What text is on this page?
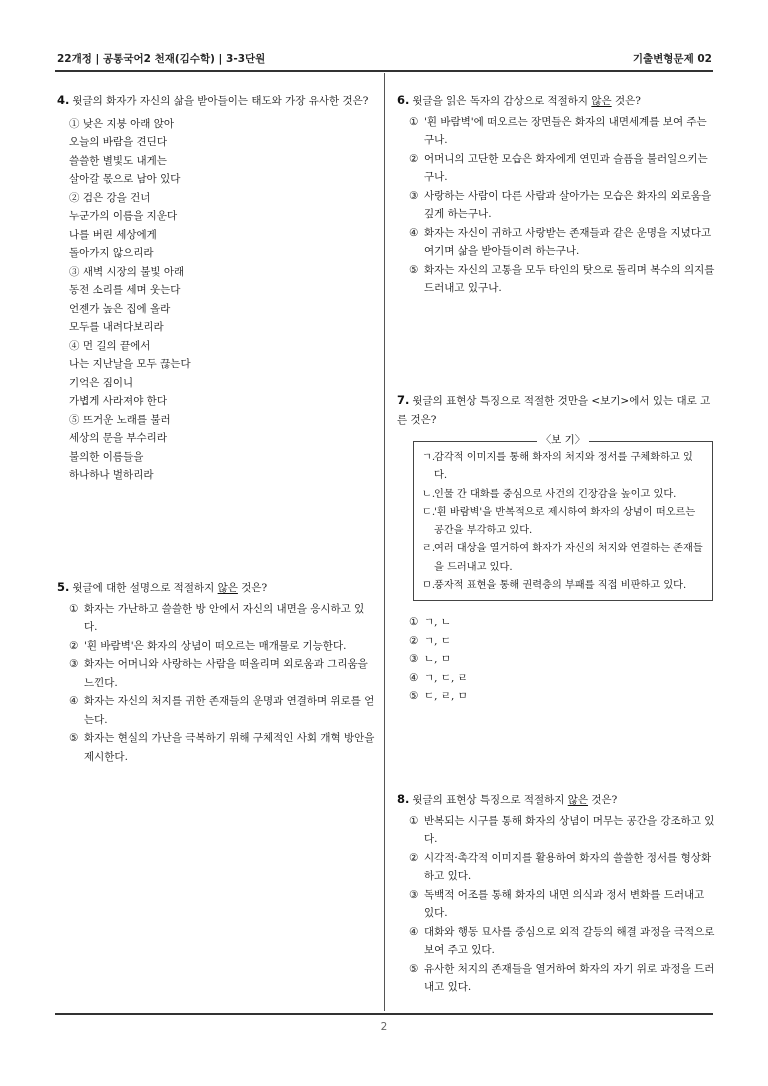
22개정 | 공통국어2 천재(김수학) | 3-3단원	기출변형문제 02
2
4. 윗글의 화자가 자신의 삶을 받아들이는 태도와 가장 유사한 것은?
① 낮은 지붕 아래 앉아
오늘의 바람을 견딘다
쓸쓸한 별빛도 내게는
살아갈 몫으로 남아 있다
② 검은 강을 건너
누군가의 이름을 지운다
나를 버린 세상에게
돌아가지 않으리라
③ 새벽 시장의 불빛 아래
동전 소리를 세며 웃는다
언젠가 높은 집에 올라
모두를 내려다보리라
④ 먼 길의 끝에서
나는 지난날을 모두 끊는다
기억은 짐이니
가볍게 사라져야 한다
⑤ 뜨거운 노래를 불러
세상의 문을 부수리라
불의한 이름들을
하나하나 벌하리라
5. 윗글에 대한 설명으로 적절하지 않은 것은?
① 화자는 가난하고 쓸쓸한 방 안에서 자신의 내면을 응시하고 있다.
② '흰 바람벽'은 화자의 상념이 떠오르는 매개물로 기능한다.
③ 화자는 어머니와 사랑하는 사람을 떠올리며 외로움과 그리움을 느낀다.
④ 화자는 자신의 처지를 귀한 존재들의 운명과 연결하며 위로를 얻는다.
⑤ 화자는 현실의 가난을 극복하기 위해 구체적인 사회 개혁 방안을 제시한다.
6. 윗글을 읽은 독자의 감상으로 적절하지 않은 것은?
① '흰 바람벽'에 떠오르는 장면들은 화자의 내면세계를 보여 주는구나.
② 어머니의 고단한 모습은 화자에게 연민과 슬픔을 불러일으키는 구나.
③ 사랑하는 사람이 다른 사람과 살아가는 모습은 화자의 외로움을 깊게 하는구나.
④ 화자는 자신이 귀하고 사랑받는 존재들과 같은 운명을 지녔다고 여기며 삶을 받아들이려 하는구나.
⑤ 화자는 자신의 고통을 모두 타인의 탓으로 돌리며 복수의 의지를 드러내고 있구나.
7. 윗글의 표현상 특징으로 적절한 것만을 <보기>에서 있는 대로 고른 것은?
〈보 기〉
ㄱ.
감각적 이미지를 통해 화자의 처지와 정서를 구체화하고 있다.
ㄴ.
인물 간 대화를 중심으로 사건의 긴장감을 높이고 있다.
ㄷ.
'흰 바람벽'을 반복적으로 제시하여 화자의 상념이 떠오르는 공간을 부각하고 있다.
ㄹ.
여러 대상을 열거하여 화자가 자신의 처지와 연결하는 존재들을 드러내고 있다.
ㅁ.
풍자적 표현을 통해 권력층의 부패를 직접 비판하고 있다.
① ㄱ, ㄴ
② ㄱ, ㄷ
③ ㄴ, ㅁ
④ ㄱ, ㄷ, ㄹ
⑤ ㄷ, ㄹ, ㅁ
8. 윗글의 표현상 특징으로 적절하지 않은 것은?
① 반복되는 시구를 통해 화자의 상념이 머무는 공간을 강조하고 있다.
② 시각적·촉각적 이미지를 활용하여 화자의 쓸쓸한 정서를 형상화하고 있다.
③ 독백적 어조를 통해 화자의 내면 의식과 정서 변화를 드러내고 있다.
④ 대화와 행동 묘사를 중심으로 외적 갈등의 해결 과정을 극적으로 보여 주고 있다.
⑤ 유사한 처지의 존재들을 열거하여 화자의 자기 위로 과정을 드러내고 있다.
